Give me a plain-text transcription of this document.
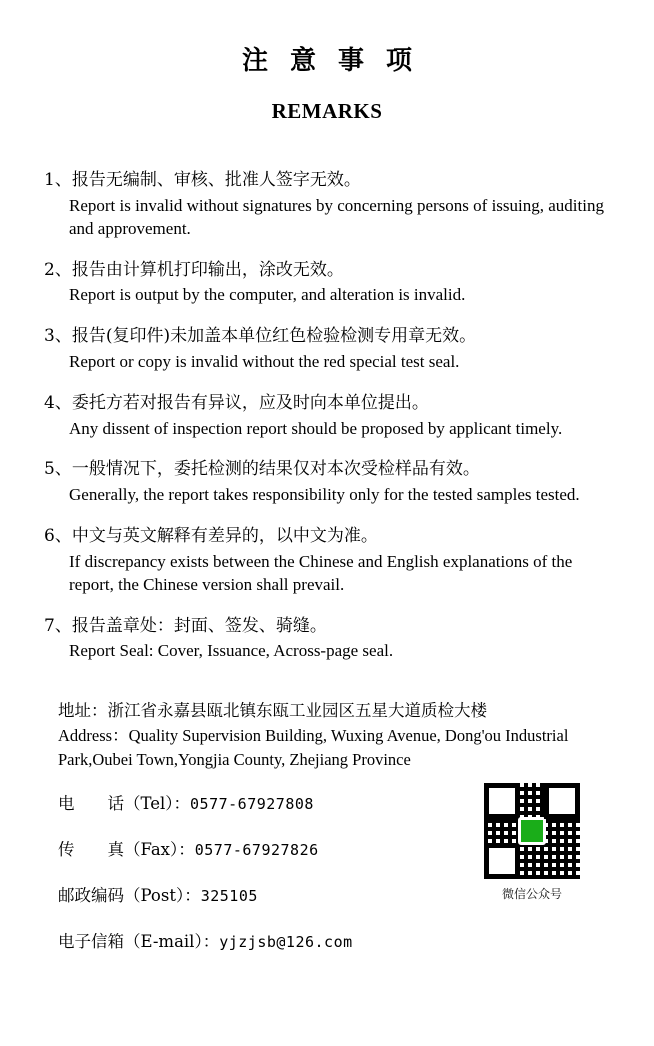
注意事项
REMARKS
1、报告无编制、审核、批准人签字无效。
Report is invalid without signatures by concerning persons of issuing, auditing and approvement.
2、报告由计算机打印输出，涂改无效。
Report is output by the computer, and alteration is invalid.
3、报告(复印件)未加盖本单位红色检验检测专用章无效。
Report or copy is invalid without the red special test seal.
4、委托方若对报告有异议，应及时向本单位提出。
Any dissent of inspection report should be proposed by applicant timely.
5、一般情况下，委托检测的结果仅对本次受检样品有效。
Generally, the report takes responsibility only for the tested samples tested.
6、中文与英文解释有差异的，以中文为准。
If discrepancy exists between the Chinese and English explanations of the report, the Chinese version shall prevail.
7、报告盖章处：封面、签发、骑缝。
Report Seal: Cover, Issuance, Across-page seal.
地址：浙江省永嘉县瓯北镇东瓯工业园区五星大道质检大楼
Address：Quality Supervision Building, Wuxing Avenue, Dong'ou Industrial Park,Oubei Town,Yongjia County, Zhejiang Province
电　　话（Tel）：0577-67927808
传　　真（Fax）：0577-67927826
邮政编码（Post）：325105
电子信箱（E-mail）：yjzjsb@126.com
微信公众号
